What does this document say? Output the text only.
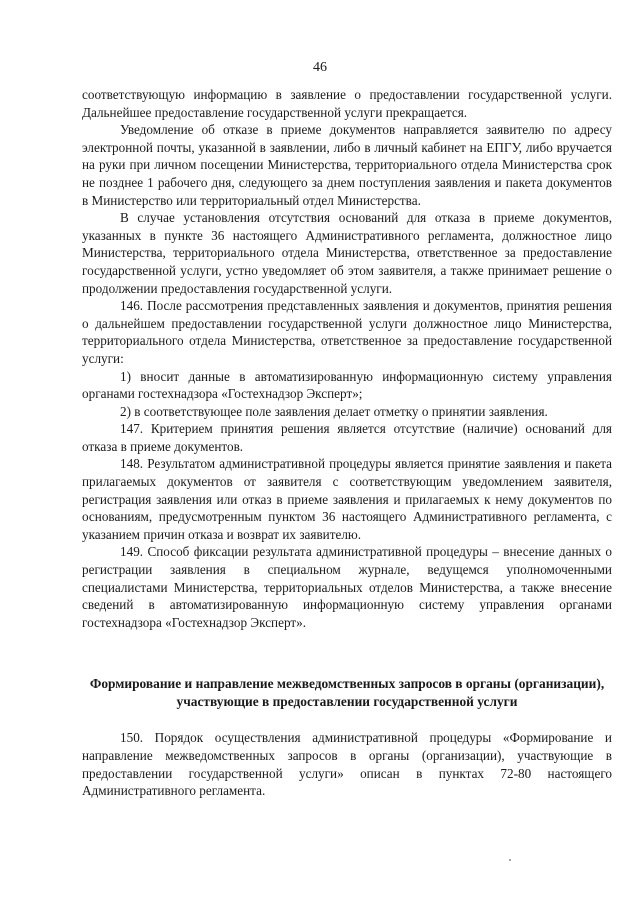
46

соответствующую информацию в заявление о предоставлении государственной услуги. Дальнейшее предоставление государственной услуги прекращается.

Уведомление об отказе в приеме документов направляется заявителю по адресу электронной почты, указанной в заявлении, либо в личный кабинет на ЕПГУ, либо вручается на руки при личном посещении Министерства, территориального отдела Министерства срок не позднее 1 рабочего дня, следующего за днем поступления заявления и пакета документов в Министерство или территориальный отдел Министерства.

В случае установления отсутствия оснований для отказа в приеме документов, указанных в пункте 36 настоящего Административного регламента, должностное лицо Министерства, территориального отдела Министерства, ответственное за предоставление государственной услуги, устно уведомляет об этом заявителя, а также принимает решение о продолжении предоставления государственной услуги.

146. После рассмотрения представленных заявления и документов, принятия решения о дальнейшем предоставлении государственной услуги должностное лицо Министерства, территориального отдела Министерства, ответственное за предоставление государственной услуги:

1) вносит данные в автоматизированную информационную систему управления органами гостехнадзора «Гостехнадзор Эксперт»;

2) в соответствующее поле заявления делает отметку о принятии заявления.

147. Критерием принятия решения является отсутствие (наличие) оснований для отказа в приеме документов.

148. Результатом административной процедуры является принятие заявления и пакета прилагаемых документов от заявителя с соответствующим уведомлением заявителя, регистрация заявления или отказ в приеме заявления и прилагаемых к нему документов по основаниям, предусмотренным пунктом 36 настоящего Административного регламента, с указанием причин отказа и возврат их заявителю.

149. Способ фиксации результата административной процедуры – внесение данных о регистрации заявления в специальном журнале, ведущемся уполномоченными специалистами Министерства, территориальных отделов Министерства, а также внесение сведений в автоматизированную информационную систему управления органами гостехнадзора «Гостехнадзор Эксперт».

Формирование и направление межведомственных запросов в органы (организации), участвующие в предоставлении государственной услуги

150. Порядок осуществления административной процедуры «Формирование и направление межведомственных запросов в органы (организации), участвующие в предоставлении государственной услуги» описан в пунктах 72-80 настоящего Административного регламента.
